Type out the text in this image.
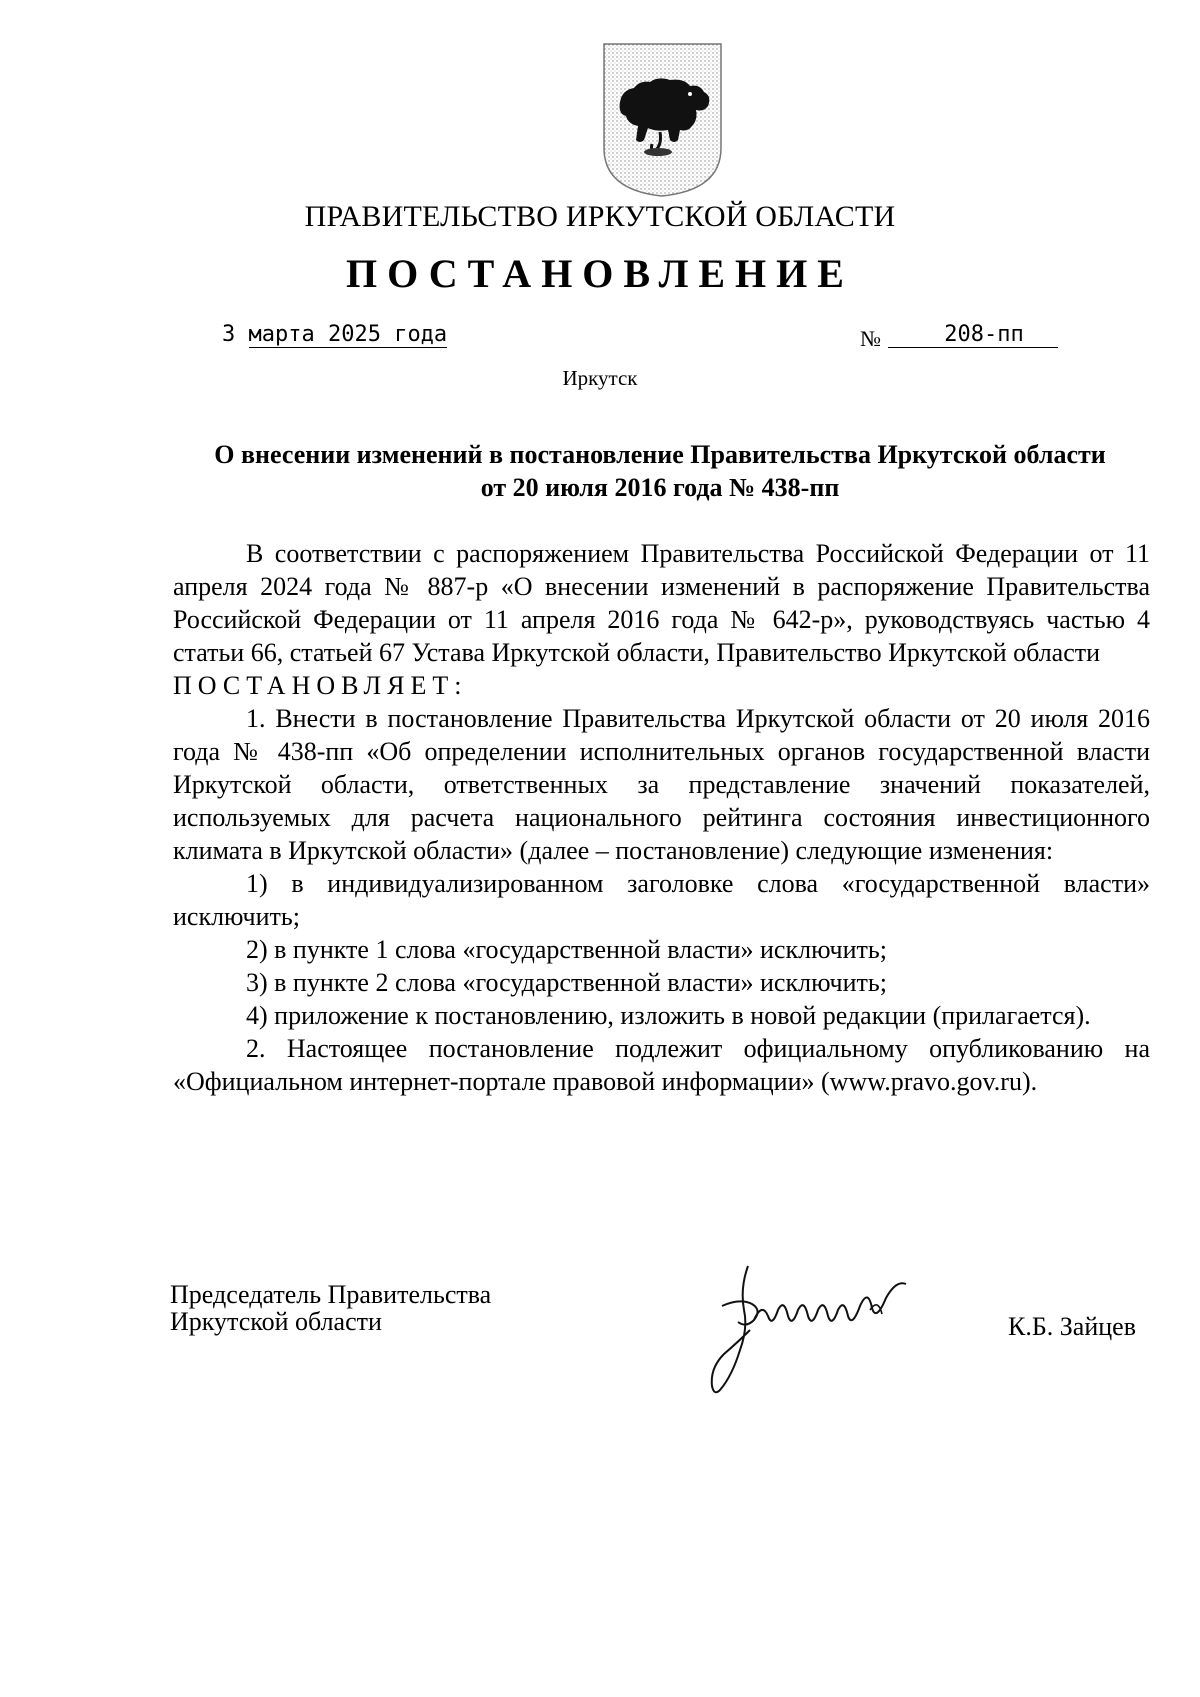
ПРАВИТЕЛЬСТВО ИРКУТСКОЙ ОБЛАСТИ
ПОСТАНОВЛЕНИЕ
3 марта 2025 года	№	208-пп
Иркутск
О внесении изменений в постановление Правительства Иркутской области
от 20 июля 2016 года № 438-пп

В соответствии с распоряжением Правительства Российской Федерации от 11 апреля 2024 года № 887-р «О внесении изменений в распоряжение Правительства Российской Федерации от 11 апреля 2016 года № 642-р», руководствуясь частью 4 статьи 66, статьей 67 Устава Иркутской области, Правительство Иркутской области

ПОСТАНОВЛЯЕТ:

1. Внести в постановление Правительства Иркутской области от 20 июля 2016 года № 438-пп «Об определении исполнительных органов государственной власти Иркутской области, ответственных за представление значений показателей, используемых для расчета национального рейтинга состояния инвестиционного климата в Иркутской области» (далее – постановление) следующие изменения:

1) в индивидуализированном заголовке слова «государственной власти» исключить;

2) в пункте 1 слова «государственной власти» исключить;

3) в пункте 2 слова «государственной власти» исключить;

4) приложение к постановлению, изложить в новой редакции (прилагается).

2. Настоящее постановление подлежит официальному опубликованию на «Официальном интернет-портале правовой информации» (www.pravo.gov.ru).

Председатель Правительства
Иркутской области	К.Б. Зайцев
